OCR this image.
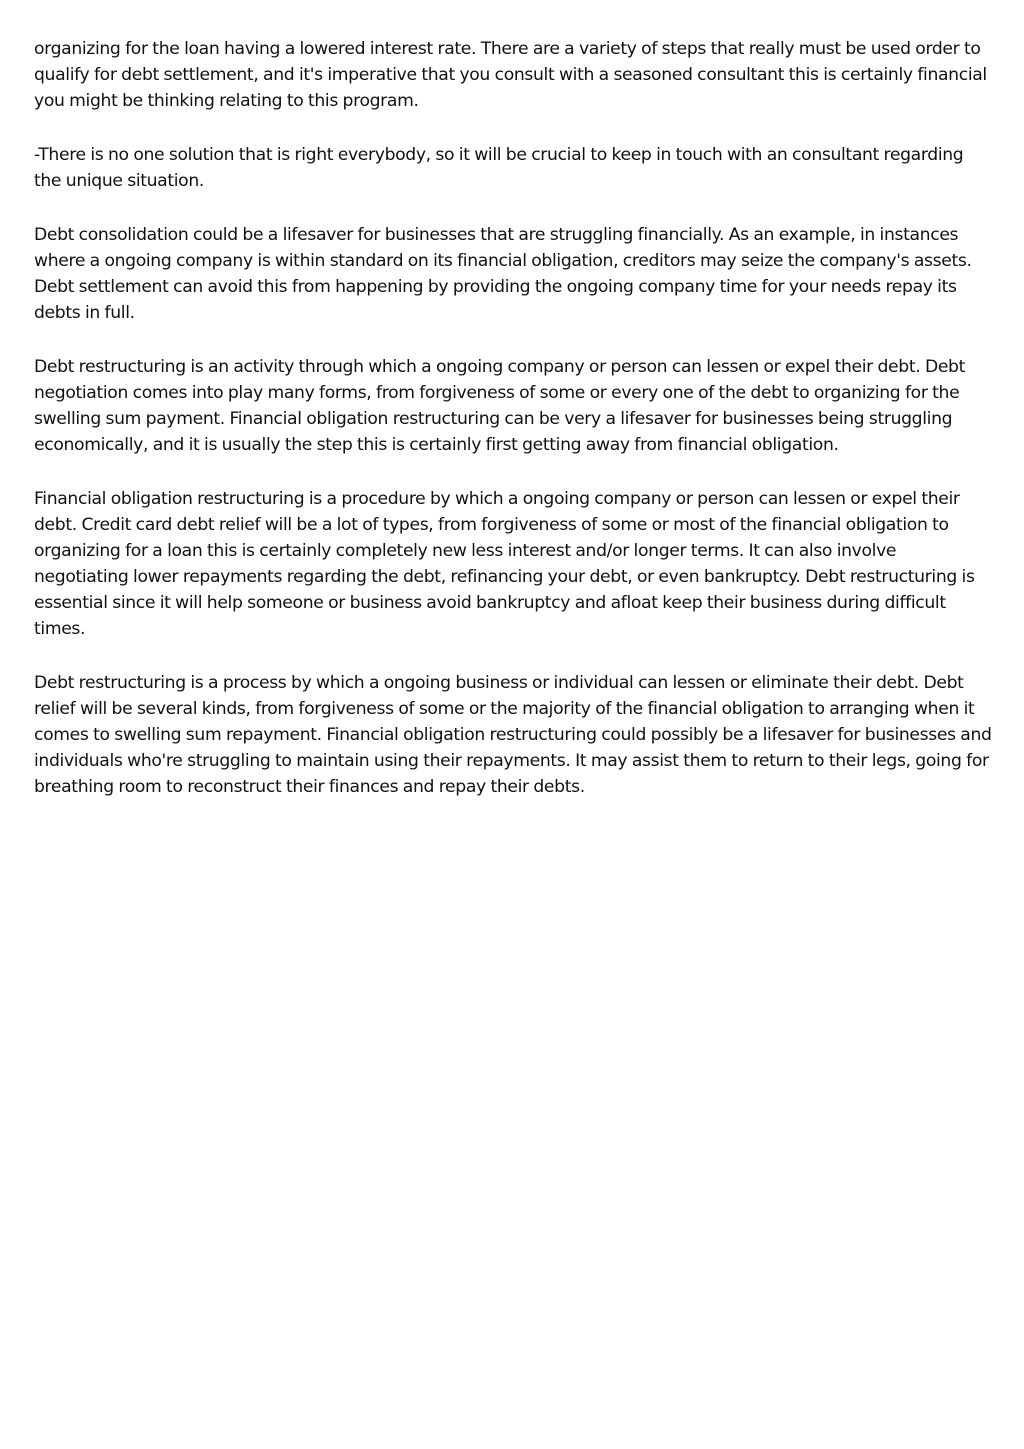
organizing for the loan having a lowered interest rate. There are a variety of steps that really must be used order to qualify for debt settlement, and it's imperative that you consult with a seasoned consultant this is certainly financial you might be thinking relating to this program.

-There is no one solution that is right everybody, so it will be crucial to keep in touch with an consultant regarding the unique situation.

Debt consolidation could be a lifesaver for businesses that are struggling financially. As an example, in instances where a ongoing company is within standard on its financial obligation, creditors may seize the company's assets. Debt settlement can avoid this from happening by providing the ongoing company time for your needs repay its debts in full.

Debt restructuring is an activity through which a ongoing company or person can lessen or expel their debt. Debt negotiation comes into play many forms, from forgiveness of some or every one of the debt to organizing for the swelling sum payment. Financial obligation restructuring can be very a lifesaver for businesses being struggling economically, and it is usually the step this is certainly first getting away from financial obligation.

Financial obligation restructuring is a procedure by which a ongoing company or person can lessen or expel their debt. Credit card debt relief will be a lot of types, from forgiveness of some or most of the financial obligation to organizing for a loan this is certainly completely new less interest and/or longer terms. It can also involve negotiating lower repayments regarding the debt, refinancing your debt, or even bankruptcy. Debt restructuring is essential since it will help someone or business avoid bankruptcy and afloat keep their business during difficult times.

Debt restructuring is a process by which a ongoing business or individual can lessen or eliminate their debt. Debt relief will be several kinds, from forgiveness of some or the majority of the financial obligation to arranging when it comes to swelling sum repayment. Financial obligation restructuring could possibly be a lifesaver for businesses and individuals who're struggling to maintain using their repayments. It may assist them to return to their legs, going for breathing room to reconstruct their finances and repay their debts.
